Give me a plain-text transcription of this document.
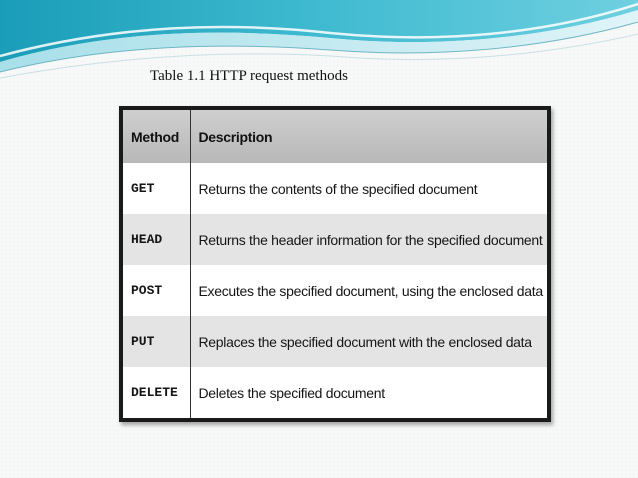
Table 1.1 HTTP request methods
Method	Description
GET	Returns the contents of the specified document
HEAD	Returns the header information for the specified document
POST	Executes the specified document, using the enclosed data
PUT	Replaces the specified document with the enclosed data
DELETE	Deletes the specified document
